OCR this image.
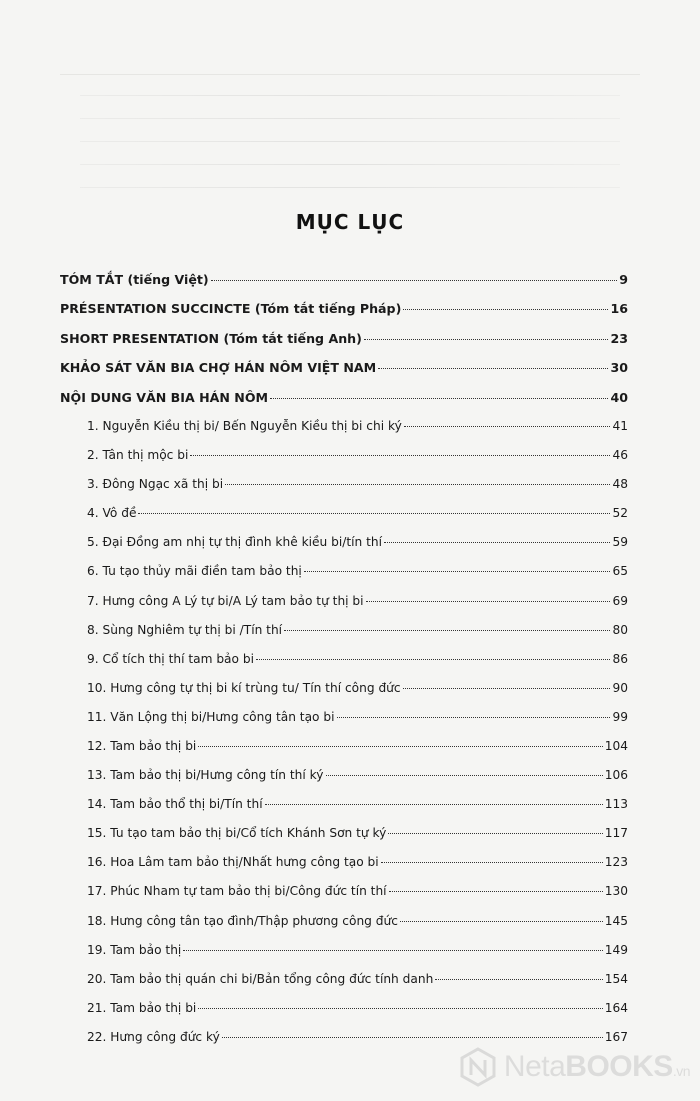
MỤC LỤC
TÓM TẮT (tiếng Việt)	9
PRÉSENTATION SUCCINCTE (Tóm tắt tiếng Pháp)	16
SHORT PRESENTATION (Tóm tắt tiếng Anh)	23
KHẢO SÁT VĂN BIA CHỢ HÁN NÔM VIỆT NAM	30
NỘI DUNG VĂN BIA HÁN NÔM	40
1. Nguyễn Kiều thị bi/ Bến Nguyễn Kiều thị bi chi ký	41
2. Tân thị mộc bi	46
3. Đông Ngạc xã thị bi	48
4. Vô đề	52
5. Đại Đồng am nhị tự thị đình khê kiều bi/tín thí	59
6. Tu tạo thủy mãi điền tam bảo thị	65
7. Hưng công A Lý tự bi/A Lý tam bảo tự thị bi	69
8. Sùng Nghiêm tự thị bi /Tín thí	80
9. Cổ tích thị thí tam bảo bi	86
10. Hưng công tự thị bi kí trùng tu/ Tín thí công đức	90
11. Văn Lộng thị bi/Hưng công tân tạo bi	99
12. Tam bảo thị bi	104
13. Tam bảo thị bi/Hưng công tín thí ký	106
14. Tam bảo thổ thị bi/Tín thí	113
15. Tu tạo tam bảo thị bi/Cổ tích Khánh Sơn tự ký	117
16. Hoa Lâm tam bảo thị/Nhất hưng công tạo bi	123
17. Phúc Nham tự tam bảo thị bi/Công đức tín thí	130
18. Hưng công tân tạo đình/Thập phương công đức	145
19. Tam bảo thị	149
20. Tam bảo thị quán chi bi/Bản tổng công đức tính danh	154
21. Tam bảo thị bi	164
22. Hưng công đức ký	167
NetaBOOKS.vn
